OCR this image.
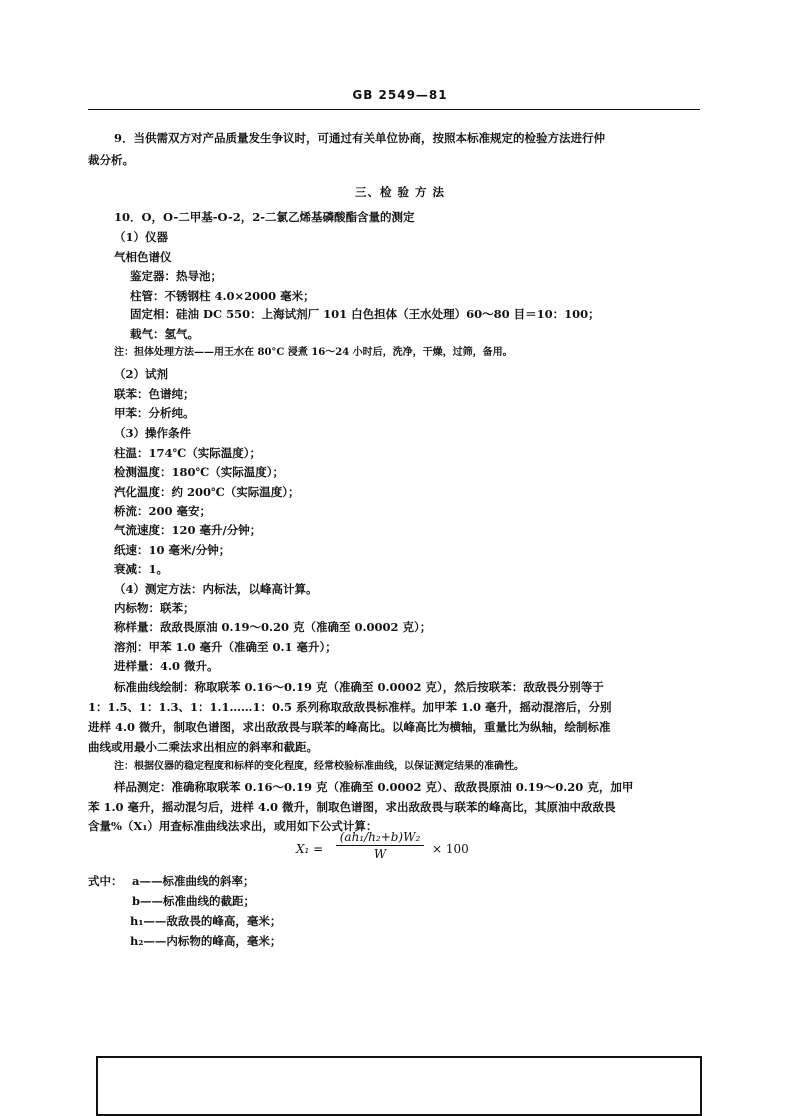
GB 2549—81
9．当供需双方对产品质量发生争议时，可通过有关单位协商，按照本标准规定的检验方法进行仲
裁分析。
三、检 验 方 法
10．O，O-二甲基-O-2，2-二氯乙烯基磷酸酯含量的测定
（1）仪器
气相色谱仪
鉴定器：热导池；
柱管：不锈钢柱 4.0×2000 毫米；
固定相：硅油 DC 550：上海试剂厂 101 白色担体（王水处理）60～80 目＝10：100；
载气：氢气。
注：担体处理方法——用王水在 80°C 浸煮 16～24 小时后，洗净，干燥，过筛，备用。
（2）试剂
联苯：色谱纯；
甲苯：分析纯。
（3）操作条件
柱温：174℃（实际温度）；
检测温度：180℃（实际温度）；
汽化温度：约 200℃（实际温度）；
桥流：200 毫安；
气流速度：120 毫升/分钟；
纸速：10 毫米/分钟；
衰减：1。
（4）测定方法：内标法，以峰高计算。
内标物：联苯；
称样量：敌敌畏原油 0.19～0.20 克（准确至 0.0002 克）；
溶剂：甲苯 1.0 毫升（准确至 0.1 毫升）；
进样量：4.0 微升。
标准曲线绘制：称取联苯 0.16～0.19 克（准确至 0.0002 克），然后按联苯：敌敌畏分别等于
1：1.5、1：1.3、1：1.1……1：0.5 系列称取敌敌畏标准样。加甲苯 1.0 毫升，摇动混溶后，分别
进样 4.0 微升，制取色谱图，求出敌敌畏与联苯的峰高比。以峰高比为横轴，重量比为纵轴，绘制标准
曲线或用最小二乘法求出相应的斜率和截距。
注：根据仪器的稳定程度和标样的变化程度，经常校验标准曲线，以保证测定结果的准确性。
样品测定：准确称取联苯 0.16～0.19 克（准确至 0.0002 克）、敌敌畏原油 0.19～0.20 克，加甲
苯 1.0 毫升，摇动混匀后，进样 4.0 微升，制取色谱图，求出敌敌畏与联苯的峰高比，其原油中敌敌畏
含量%（X₁）用查标准曲线法求出，或用如下公式计算：
X₁ =
(ah₁/h₂+b)W₂
W	× 100
式中： a——标准曲线的斜率；
b——标准曲线的截距；
h₁——敌敌畏的峰高，毫米；
h₂——内标物的峰高，毫米；
